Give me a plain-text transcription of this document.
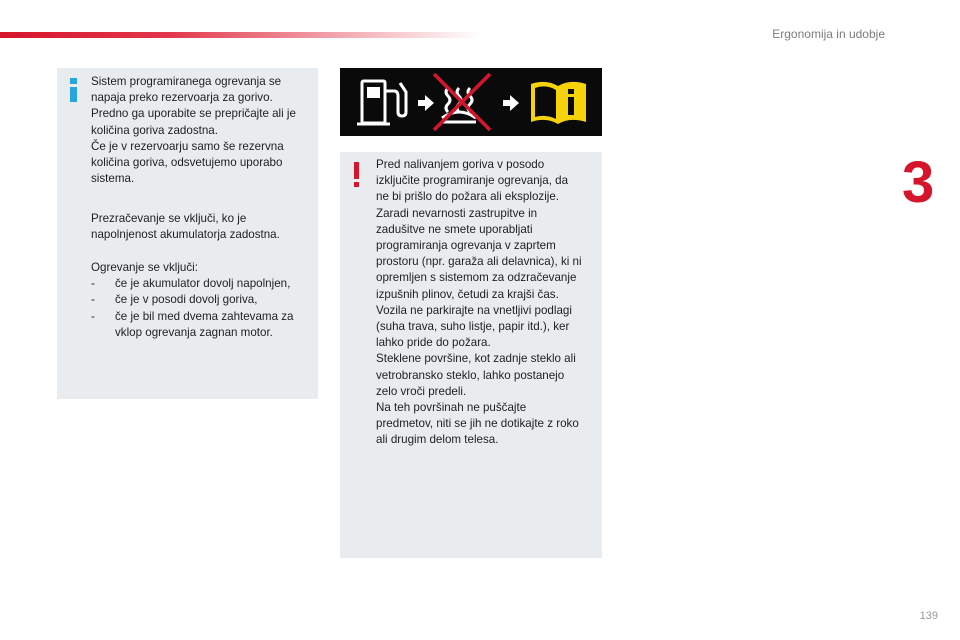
Ergonomija in udobje
3
139
Sistem programiranega ogrevanja se
napaja preko rezervoarja za gorivo.
Predno ga uporabite se prepričajte ali je
količina goriva zadostna.
Če je v rezervoarju samo še rezervna
količina goriva, odsvetujemo uporabo
sistema.
Prezračevanje se vključi, ko je
napolnjenost akumulatorja zadostna.
Ogrevanje se vključi:
- če je akumulator dovolj napolnjen,
- če je v posodi dovolj goriva,
- če je bil med dvema zahtevama za vklop ogrevanja zagnan motor.
Pred nalivanjem goriva v posodo
izključite programiranje ogrevanja, da
ne bi prišlo do požara ali eksplozije.
Zaradi nevarnosti zastrupitve in
zadušitve ne smete uporabljati
programiranja ogrevanja v zaprtem
prostoru (npr. garaža ali delavnica), ki ni
opremljen s sistemom za odzračevanje
izpušnih plinov, četudi za krajši čas.
Vozila ne parkirajte na vnetljivi podlagi
(suha trava, suho listje, papir itd.), ker
lahko pride do požara.
Steklene površine, kot zadnje steklo ali
vetrobransko steklo, lahko postanejo
zelo vroči predeli.
Na teh površinah ne puščajte
predmetov, niti se jih ne dotikajte z roko
ali drugim delom telesa.
